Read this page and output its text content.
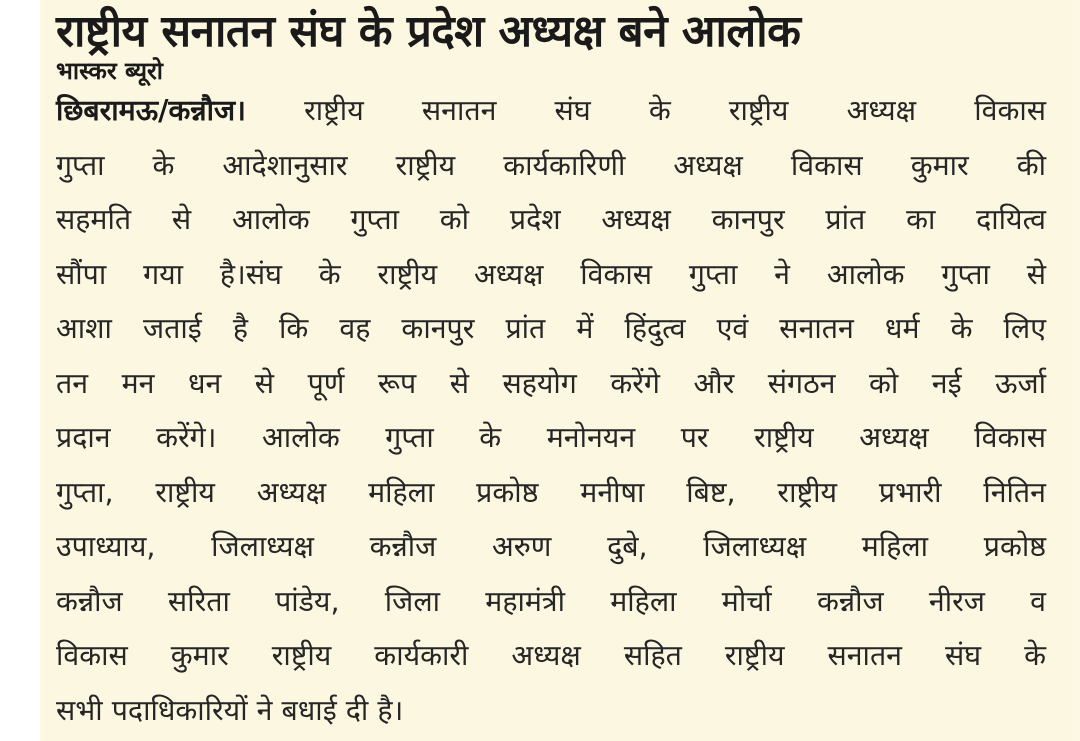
राष्ट्रीय सनातन संघ के प्रदेश अध्यक्ष बने आलोक
भास्कर ब्यूरो
छिबरामऊ/कन्नौज। राष्ट्रीय सनातन संघ के राष्ट्रीय अध्यक्ष विकास
गुप्ता के आदेशानुसार राष्ट्रीय कार्यकारिणी अध्यक्ष विकास कुमार की
सहमति से आलोक गुप्ता को प्रदेश अध्यक्ष कानपुर प्रांत का दायित्व
सौंपा गया है।संघ के राष्ट्रीय अध्यक्ष विकास गुप्ता ने आलोक गुप्ता से
आशा जताई है कि वह कानपुर प्रांत में हिंदुत्व एवं सनातन धर्म के लिए
तन मन धन से पूर्ण रूप से सहयोग करेंगे और संगठन को नई ऊर्जा
प्रदान करेंगे। आलोक गुप्ता के मनोनयन पर राष्ट्रीय अध्यक्ष विकास
गुप्ता, राष्ट्रीय अध्यक्ष महिला प्रकोष्ठ मनीषा बिष्ट, राष्ट्रीय प्रभारी नितिन
उपाध्याय, जिलाध्यक्ष कन्नौज अरुण दुबे, जिलाध्यक्ष महिला प्रकोष्ठ
कन्नौज सरिता पांडेय, जिला महामंत्री महिला मोर्चा कन्नौज नीरज व
विकास कुमार राष्ट्रीय कार्यकारी अध्यक्ष सहित राष्ट्रीय सनातन संघ के
सभी पदाधिकारियों ने बधाई दी है।
